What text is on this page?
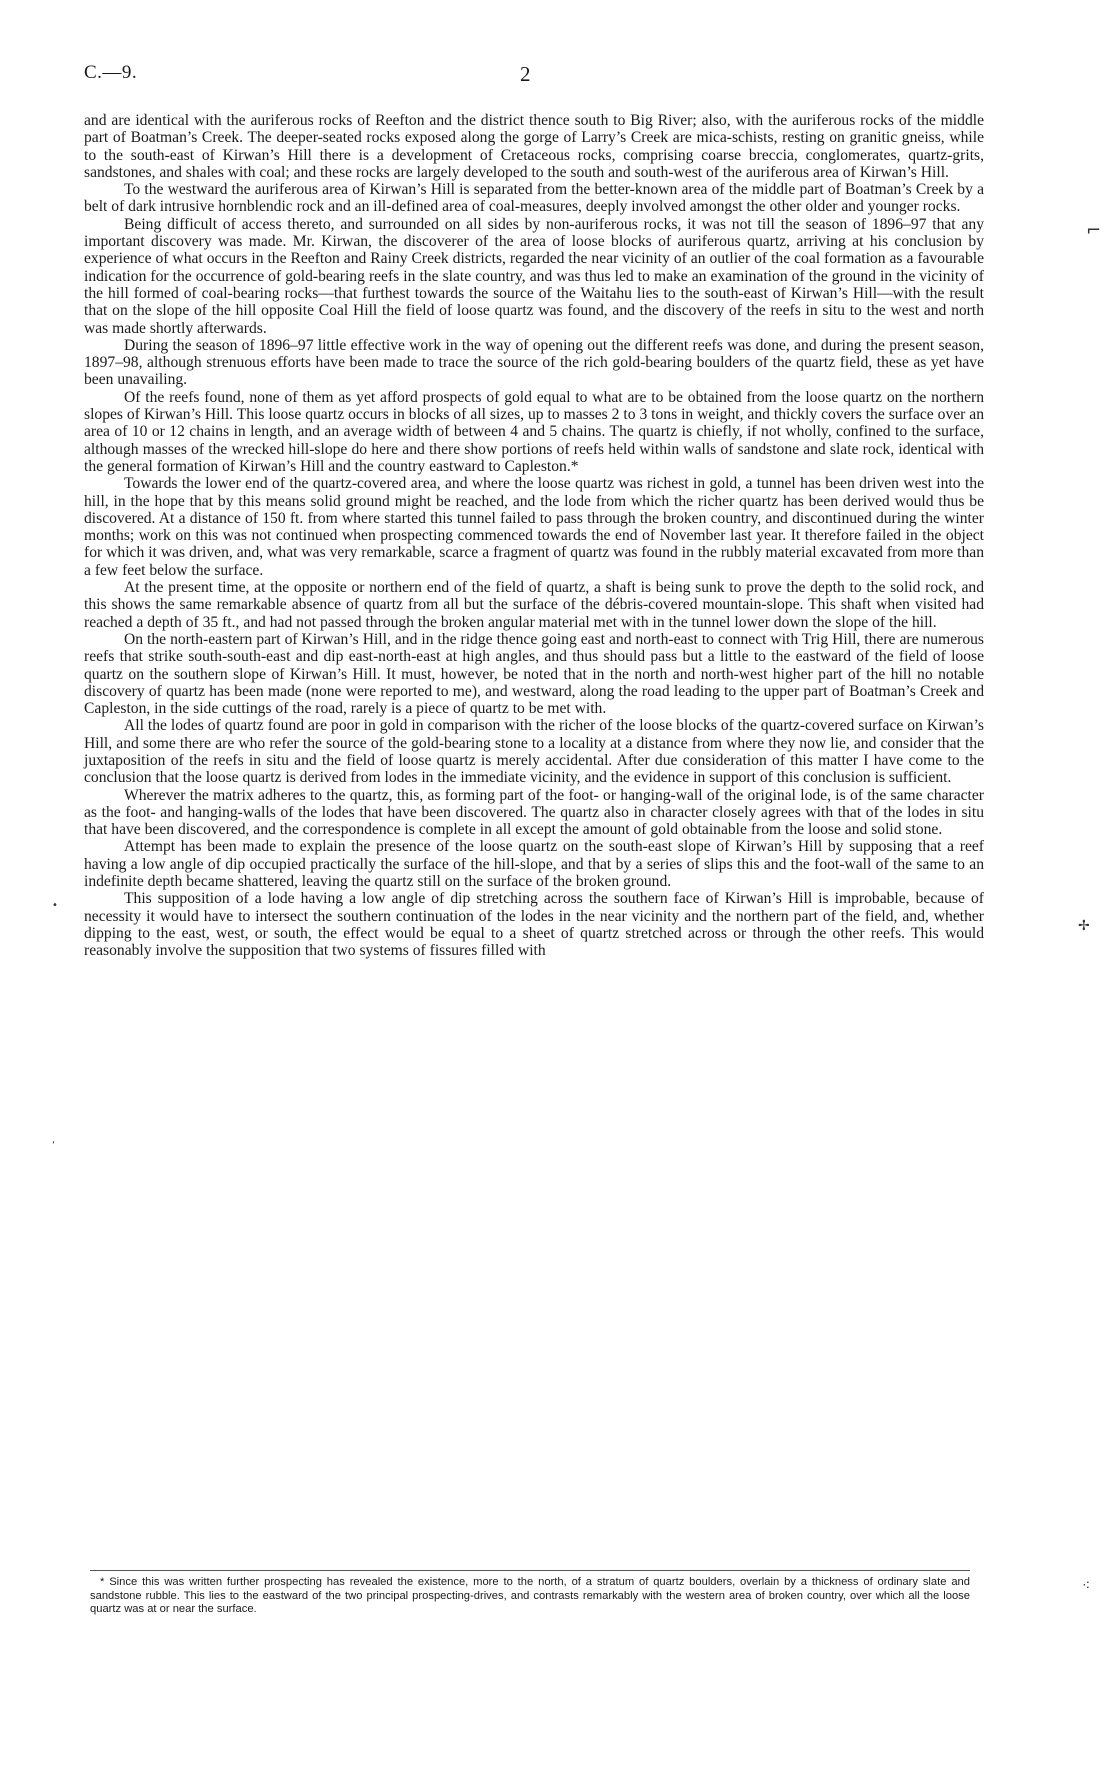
C.—9.	2

and are identical with the auriferous rocks of Reefton and the district thence south to Big River; also, with the auriferous rocks of the middle part of Boatman’s Creek. The deeper-seated rocks exposed along the gorge of Larry’s Creek are mica-schists, resting on granitic gneiss, while to the south-east of Kirwan’s Hill there is a development of Cretaceous rocks, comprising coarse breccia, conglomerates, quartz-grits, sandstones, and shales with coal; and these rocks are largely developed to the south and south-west of the auriferous area of Kirwan’s Hill.

To the westward the auriferous area of Kirwan’s Hill is separated from the better-known area of the middle part of Boatman’s Creek by a belt of dark intrusive hornblendic rock and an ill-defined area of coal-measures, deeply involved amongst the other older and younger rocks.

Being difficult of access thereto, and surrounded on all sides by non-auriferous rocks, it was not till the season of 1896–97 that any important discovery was made. Mr. Kirwan, the discoverer of the area of loose blocks of auriferous quartz, arriving at his conclusion by experience of what occurs in the Reefton and Rainy Creek districts, regarded the near vicinity of an outlier of the coal formation as a favourable indication for the occurrence of gold-bearing reefs in the slate country, and was thus led to make an examination of the ground in the vicinity of the hill formed of coal-bearing rocks—that furthest towards the source of the Waitahu lies to the south-east of Kirwan’s Hill—with the result that on the slope of the hill opposite Coal Hill the field of loose quartz was found, and the discovery of the reefs in situ to the west and north was made shortly afterwards.

During the season of 1896–97 little effective work in the way of opening out the different reefs was done, and during the present season, 1897–98, although strenuous efforts have been made to trace the source of the rich gold-bearing boulders of the quartz field, these as yet have been unavailing.

Of the reefs found, none of them as yet afford prospects of gold equal to what are to be obtained from the loose quartz on the northern slopes of Kirwan’s Hill. This loose quartz occurs in blocks of all sizes, up to masses 2 to 3 tons in weight, and thickly covers the surface over an area of 10 or 12 chains in length, and an average width of between 4 and 5 chains. The quartz is chiefly, if not wholly, confined to the surface, although masses of the wrecked hill-slope do here and there show portions of reefs held within walls of sandstone and slate rock, identical with the general formation of Kirwan’s Hill and the country eastward to Capleston.*

Towards the lower end of the quartz-covered area, and where the loose quartz was richest in gold, a tunnel has been driven west into the hill, in the hope that by this means solid ground might be reached, and the lode from which the richer quartz has been derived would thus be discovered. At a distance of 150 ft. from where started this tunnel failed to pass through the broken country, and discontinued during the winter months; work on this was not continued when prospecting commenced towards the end of November last year. It therefore failed in the object for which it was driven, and, what was very remarkable, scarce a fragment of quartz was found in the rubbly material excavated from more than a few feet below the surface.

At the present time, at the opposite or northern end of the field of quartz, a shaft is being sunk to prove the depth to the solid rock, and this shows the same remarkable absence of quartz from all but the surface of the débris-covered mountain-slope. This shaft when visited had reached a depth of 35 ft., and had not passed through the broken angular material met with in the tunnel lower down the slope of the hill.

On the north-eastern part of Kirwan’s Hill, and in the ridge thence going east and north-east to connect with Trig Hill, there are numerous reefs that strike south-south-east and dip east-north-east at high angles, and thus should pass but a little to the eastward of the field of loose quartz on the southern slope of Kirwan’s Hill. It must, however, be noted that in the north and north-west higher part of the hill no notable discovery of quartz has been made (none were reported to me), and westward, along the road leading to the upper part of Boatman’s Creek and Capleston, in the side cuttings of the road, rarely is a piece of quartz to be met with.

All the lodes of quartz found are poor in gold in comparison with the richer of the loose blocks of the quartz-covered surface on Kirwan’s Hill, and some there are who refer the source of the gold-bearing stone to a locality at a distance from where they now lie, and consider that the juxtaposition of the reefs in situ and the field of loose quartz is merely accidental. After due consideration of this matter I have come to the conclusion that the loose quartz is derived from lodes in the immediate vicinity, and the evidence in support of this conclusion is sufficient.

Wherever the matrix adheres to the quartz, this, as forming part of the foot- or hanging-wall of the original lode, is of the same character as the foot- and hanging-walls of the lodes that have been discovered. The quartz also in character closely agrees with that of the lodes in situ that have been discovered, and the correspondence is complete in all except the amount of gold obtainable from the loose and solid stone.

Attempt has been made to explain the presence of the loose quartz on the south-east slope of Kirwan’s Hill by supposing that a reef having a low angle of dip occupied practically the surface of the hill-slope, and that by a series of slips this and the foot-wall of the same to an indefinite depth became shattered, leaving the quartz still on the surface of the broken ground.

This supposition of a lode having a low angle of dip stretching across the southern face of Kirwan’s Hill is improbable, because of necessity it would have to intersect the southern continuation of the lodes in the near vicinity and the northern part of the field, and, whether dipping to the east, west, or south, the effect would be equal to a sheet of quartz stretched across or through the other reefs. This would reasonably involve the supposition that two systems of fissures filled with

* Since this was written further prospecting has revealed the existence, more to the north, of a stratum of quartz boulders, overlain by a thickness of ordinary slate and sandstone rubble. This lies to the eastward of the two principal prospecting-drives, and contrasts remarkably with the western area of broken country, over which all the loose quartz was at or near the surface.
⌐
✢
⁖
•
‘
